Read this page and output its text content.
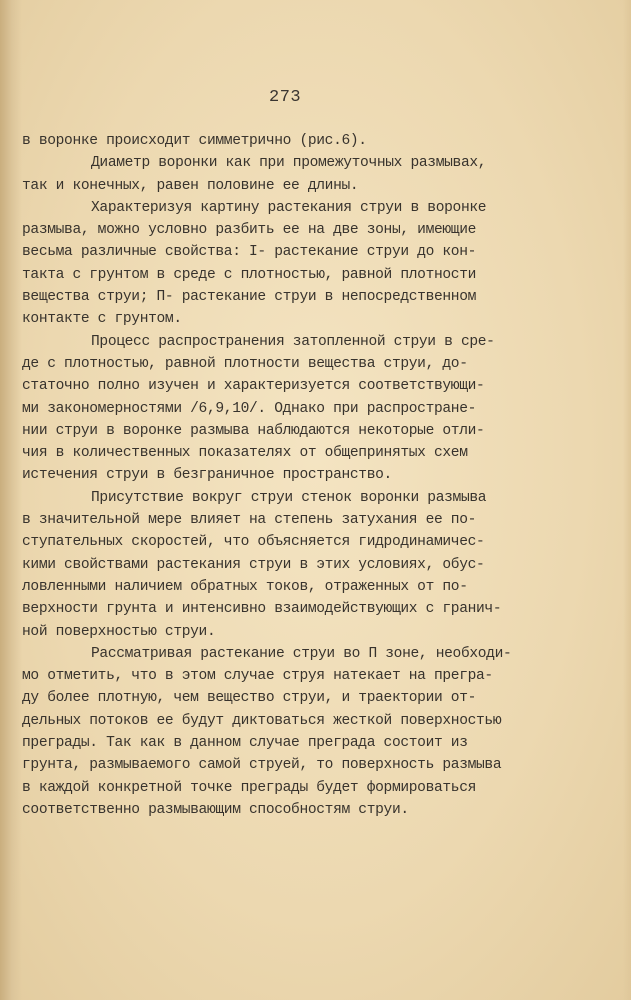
273
в воронке происходит симметрично (рис.6).
Диаметр воронки как при промежуточных размывах,
так и конечных, равен половине ее длины.
Характеризуя картину растекания струи в воронке
размыва, можно условно разбить ее на две зоны, имеющие
весьма различные свойства: I- растекание струи до кон-
такта с грунтом в среде с плотностью, равной плотности
вещества струи; П- растекание струи в непосредственном
контакте с грунтом.
Процесс распространения затопленной струи в сре-
де с плотностью, равной плотности вещества струи, до-
статочно полно изучен и характеризуется соответствующи-
ми закономерностями /6,9,10/. Однако при распростране-
нии струи в воронке размыва наблюдаются некоторые отли-
чия в количественных показателях от общепринятых схем
истечения струи в безграничное пространство.
Присутствие вокруг струи стенок воронки размыва
в значительной мере влияет на степень затухания ее по-
ступательных скоростей, что объясняется гидродинамичес-
кими свойствами растекания струи в этих условиях, обус-
ловленными наличием обратных токов, отраженных от по-
верхности грунта и интенсивно взаимодействующих с гранич-
ной поверхностью струи.
Рассматривая растекание струи во П зоне, необходи-
мо отметить, что в этом случае струя натекает на прегра-
ду более плотную, чем вещество струи, и траектории от-
дельных потоков ее будут диктоваться жесткой поверхностью
преграды. Так как в данном случае преграда состоит из
грунта, размываемого самой струей, то поверхность размыва
в каждой конкретной точке преграды будет формироваться
соответственно размывающим способностям струи.
